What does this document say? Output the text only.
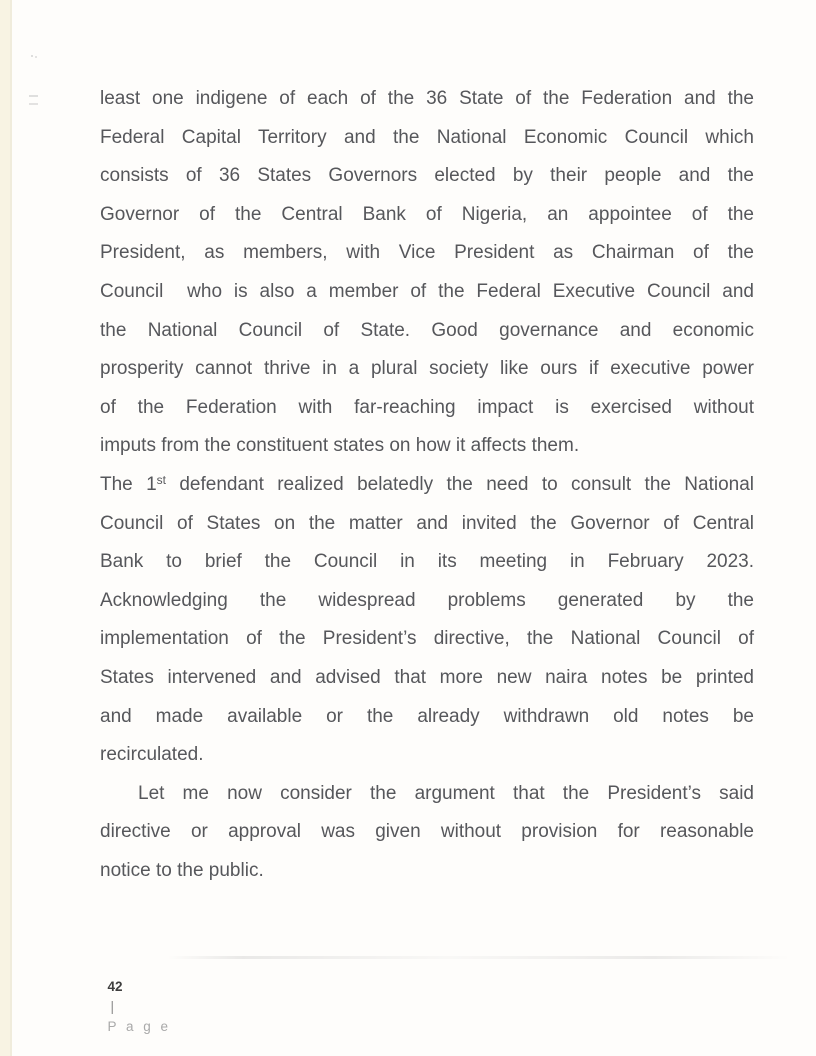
least one indigene of each of the 36 State of the Federation and the
Federal Capital Territory and the National Economic Council which
consists of 36 States Governors elected by their people and the
Governor of the Central Bank of Nigeria, an appointee of the
President, as members, with Vice President as Chairman of the
Council  who is also a member of the Federal Executive Council and
the National Council of State. Good governance and economic
prosperity cannot thrive in a plural society like ours if executive power
of the Federation with far-reaching impact is exercised without
imputs from the constituent states on how it affects them.
The 1st defendant realized belatedly the need to consult the National
Council of States on the matter and invited the Governor of Central
Bank to brief the Council in its meeting in February 2023.
Acknowledging the widespread problems generated by the
implementation of the President’s directive, the National Council of
States intervened and advised that more new naira notes be printed
and made available or the already withdrawn old notes be
recirculated.
Let me now consider the argument that the President’s said
directive or approval was given without provision for reasonable
notice to the public.

42
|
P a g e
